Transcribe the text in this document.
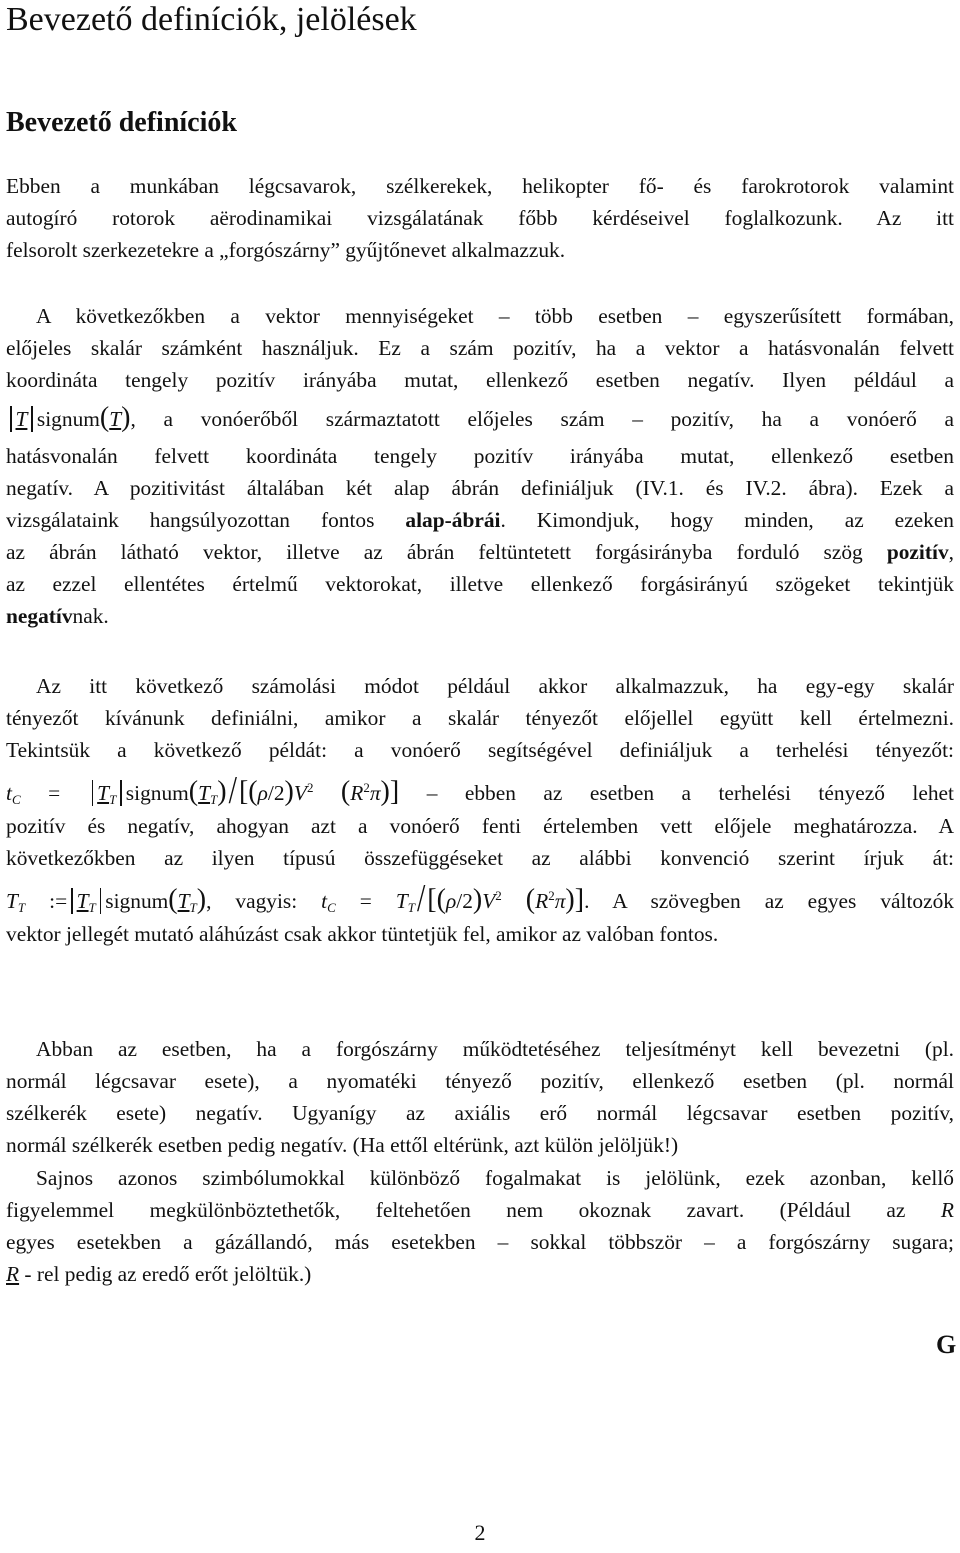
Bevezető definíciók, jelölések
Bevezető definíciók
Ebben a munkában légcsavarok, szélkerekek, helikopter fő- és farokrotorok valamint
autogíró rotorok aërodinamikai vizsgálatának főbb kérdéseivel foglalkozunk. Az itt
felsorolt szerkezetekre a „forgószárny” gyűjtőnevet alkalmazzuk.
A következőkben a vektor mennyiségeket – több esetben – egyszerűsített formában,
előjeles skalár számként használjuk. Ez a szám pozitív, ha a vektor a hatásvonalán felvett
koordináta tengely pozitív irányába mutat, ellenkező esetben negatív. Ilyen például a
T signum(T), a vonóerőből származtatott előjeles szám – pozitív, ha a vonóerő a
hatásvonalán felvett koordináta tengely pozitív irányába mutat, ellenkező esetben
negatív. A pozitivitást általában két alap ábrán definiáljuk (IV.1. és IV.2. ábra). Ezek a
vizsgálataink hangsúlyozottan fontos alap-ábrái. Kimondjuk, hogy minden, az ezeken
az ábrán látható vektor, illetve az ábrán feltüntetett forgásirányba forduló szög pozitív,
az ezzel ellentétes értelmű vektorokat, illetve ellenkező forgásirányú szögeket tekintjük
negatívnak.
Az itt következő számolási módot például akkor alkalmazzuk, ha egy-egy skalár
tényezőt kívánunk definiálni, amikor a skalár tényezőt előjellel együtt kell értelmezni.
Tekintsük a következő példát: a vonóerő segítségével definiáljuk a terhelési tényezőt:
$t_C = T_T$ $signum(T_T)/[(\rho/2)V^2$ $(R^2\pi)$] – ebben az esetben a terhelési tényező lehet
pozitív és negatív, ahogyan azt a vonóerő fenti értelemben vett előjele meghatározza. A
következőkben az ilyen típusú összefüggéseket az alábbi konvenció szerint írjuk át:
$T_T$ := $T_T$ $signum(T_T)$, vagyis: $t_C = T_T/[(\rho/2)V^2$ $(R^2\pi)$]. A szövegben az egyes változók
vektor jellegét mutató aláhúzást csak akkor tüntetjük fel, amikor az valóban fontos.
Abban az esetben, ha a forgószárny működtetéséhez teljesítményt kell bevezetni (pl.
normál légcsavar esete), a nyomatéki tényező pozitív, ellenkező esetben (pl. normál
szélkerék esete) negatív. Ugyanígy az axiális erő normál légcsavar esetben pozitív,
normál szélkerék esetben pedig negatív. (Ha ettől eltérünk, azt külön jelöljük!)
Sajnos azonos szimbólumokkal különböző fogalmakat is jelölünk, ezek azonban, kellő
figyelemmel megkülönböztethetők, feltehetően nem okoznak zavart. (Például az R
egyes esetekben a gázállandó, más esetekben – sokkal többször – a forgószárny sugara;
R - rel pedig az eredő erőt jelöltük.)
G
2
